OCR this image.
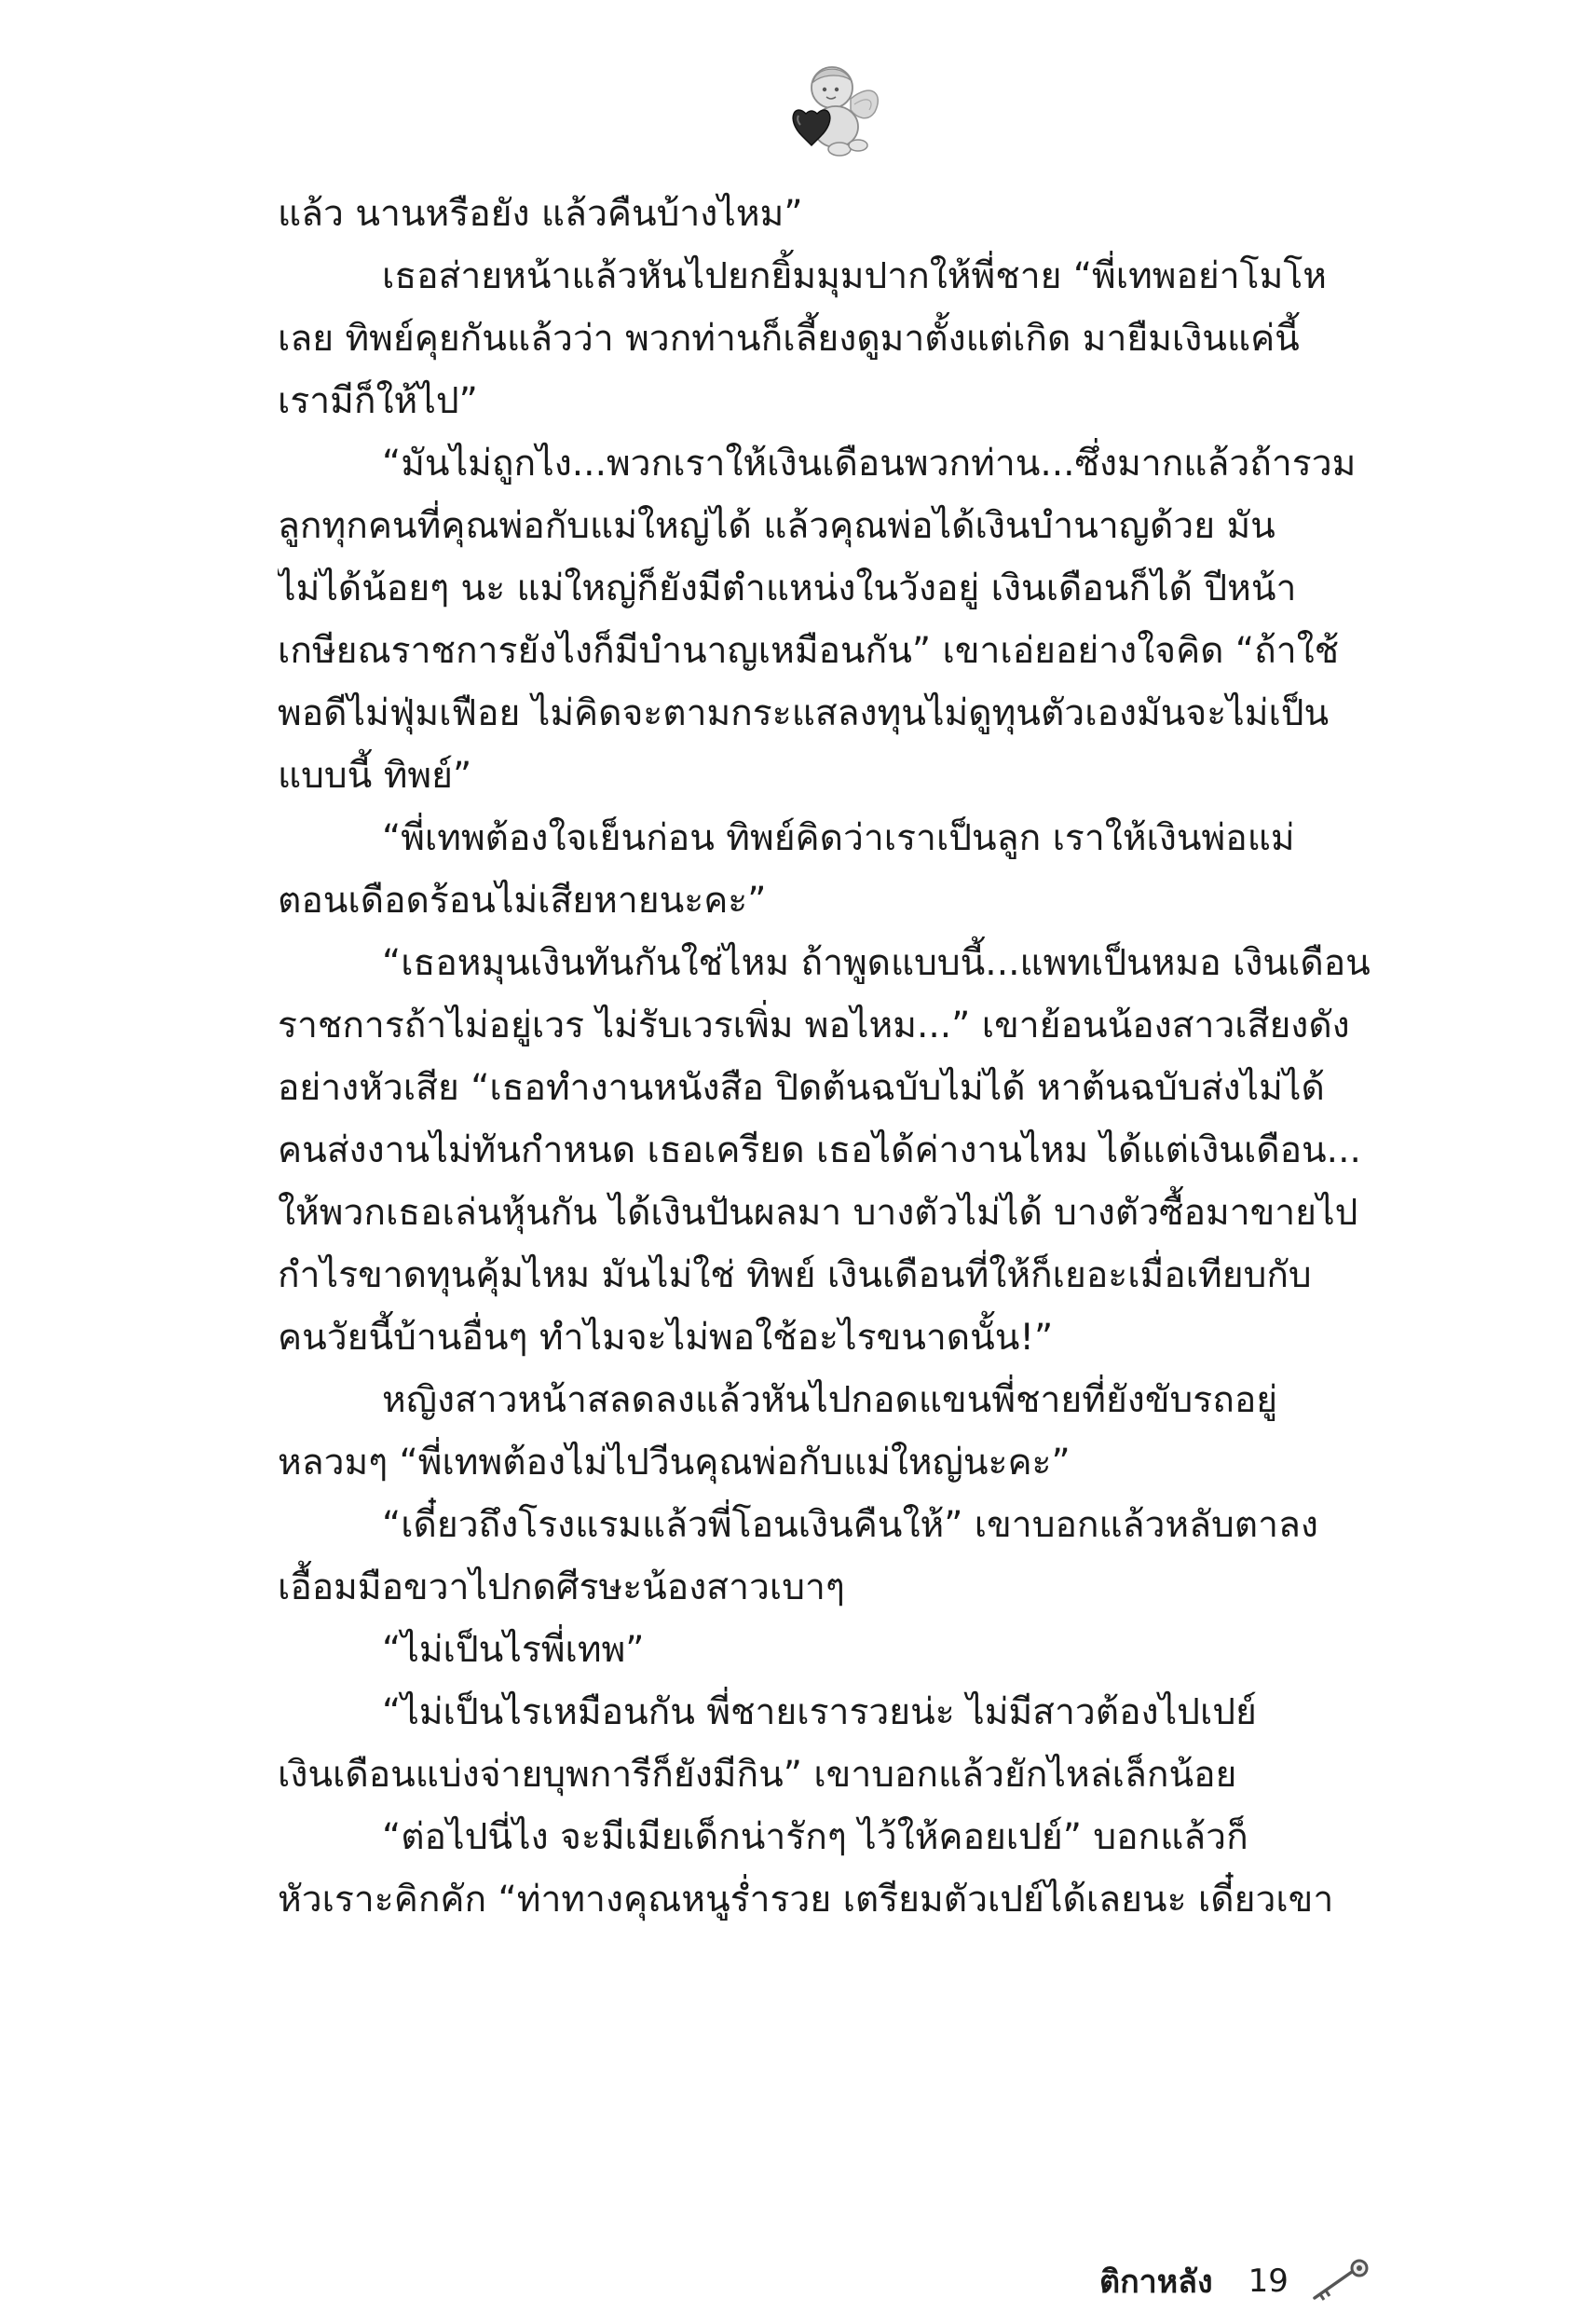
แล้ว นานหรือยัง แล้วคืนบ้างไหม”
เธอส่ายหน้าแล้วหันไปยกยิ้มมุมปากให้พี่ชาย “พี่เทพอย่าโมโห
เลย ทิพย์คุยกันแล้วว่า พวกท่านก็เลี้ยงดูมาตั้งแต่เกิด มายืมเงินแค่นี้
เรามีก็ให้ไป”
“มันไม่ถูกไง...พวกเราให้เงินเดือนพวกท่าน...ซึ่งมากแล้วถ้ารวม
ลูกทุกคนที่คุณพ่อกับแม่ใหญ่ได้ แล้วคุณพ่อได้เงินบำนาญด้วย มัน
ไม่ได้น้อยๆ นะ แม่ใหญ่ก็ยังมีตำแหน่งในวังอยู่ เงินเดือนก็ได้ ปีหน้า
เกษียณราชการยังไงก็มีบำนาญเหมือนกัน” เขาเอ่ยอย่างใจคิด “ถ้าใช้
พอดีไม่ฟุ่มเฟือย ไม่คิดจะตามกระแสลงทุนไม่ดูทุนตัวเองมันจะไม่เป็น
แบบนี้ ทิพย์”
“พี่เทพต้องใจเย็นก่อน ทิพย์คิดว่าเราเป็นลูก เราให้เงินพ่อแม่
ตอนเดือดร้อนไม่เสียหายนะคะ”
“เธอหมุนเงินทันกันใช่ไหม ถ้าพูดแบบนี้...แพทเป็นหมอ เงินเดือน
ราชการถ้าไม่อยู่เวร ไม่รับเวรเพิ่ม พอไหม...” เขาย้อนน้องสาวเสียงดัง
อย่างหัวเสีย “เธอทำงานหนังสือ ปิดต้นฉบับไม่ได้ หาต้นฉบับส่งไม่ได้
คนส่งงานไม่ทันกำหนด เธอเครียด เธอได้ค่างานไหม ได้แต่เงินเดือน...
ให้พวกเธอเล่นหุ้นกัน ได้เงินปันผลมา บางตัวไม่ได้ บางตัวซื้อมาขายไป
กำไรขาดทุนคุ้มไหม มันไม่ใช่ ทิพย์ เงินเดือนที่ให้ก็เยอะเมื่อเทียบกับ
คนวัยนี้บ้านอื่นๆ ทำไมจะไม่พอใช้อะไรขนาดนั้น!”
หญิงสาวหน้าสลดลงแล้วหันไปกอดแขนพี่ชายที่ยังขับรถอยู่
หลวมๆ “พี่เทพต้องไม่ไปวีนคุณพ่อกับแม่ใหญ่นะคะ”
“เดี๋ยวถึงโรงแรมแล้วพี่โอนเงินคืนให้” เขาบอกแล้วหลับตาลง
เอื้อมมือขวาไปกดศีรษะน้องสาวเบาๆ
“ไม่เป็นไรพี่เทพ”
“ไม่เป็นไรเหมือนกัน พี่ชายเรารวยน่ะ ไม่มีสาวต้องไปเปย์
เงินเดือนแบ่งจ่ายบุพการีก็ยังมีกิน” เขาบอกแล้วยักไหล่เล็กน้อย
“ต่อไปนี่ไง จะมีเมียเด็กน่ารักๆ ไว้ให้คอยเปย์” บอกแล้วก็
หัวเราะคิกคัก “ท่าทางคุณหนูร่ำรวย เตรียมตัวเปย์ได้เลยนะ เดี๋ยวเขา
ติกาหลัง 19
